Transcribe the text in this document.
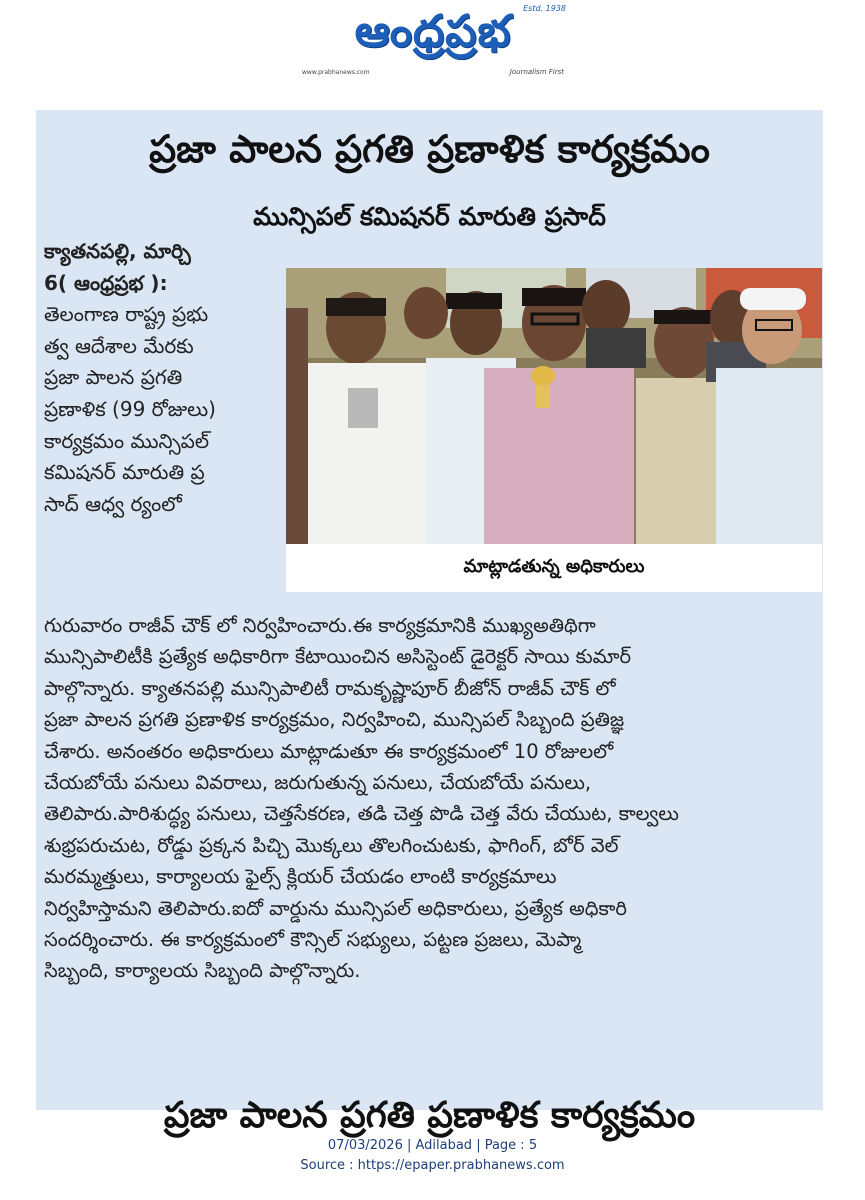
ఆంధ్రప్రభ	Estd. 1938
www.prabhanews.com	Journalism First
ప్రజా పాలన ప్రగతి ప్రణాళిక కార్యక్రమం
మున్సిపల్ కమిషనర్ మారుతి ప్రసాద్
క్యాతనపల్లి, మార్చి
6( ఆంధ్రప్రభ ):
తెలంగాణ రాష్ట్ర ప్రభు
త్వ ఆదేశాల మేరకు
ప్రజా పాలన ప్రగతి
ప్రణాళిక (99 రోజులు)
కార్యక్రమం మున్సిపల్
కమిషనర్ మారుతి ప్ర
సాద్ ఆధ్వ ర్యంలో
మాట్లాడతున్న అధికారులు
గురువారం రాజీవ్ చౌక్ లో నిర్వహించారు.ఈ కార్యక్రమానికి ముఖ్యఅతిథిగా
మున్సిపాలిటీకి ప్రత్యేక అధికారిగా కేటాయించిన అసిస్టెంట్ డైరెక్టర్ సాయి కుమార్
పాల్గొన్నారు. క్యాతనపల్లి మున్సిపాలిటీ రామకృష్ణాపూర్ బీజోన్ రాజీవ్ చౌక్ లో
ప్రజా పాలన ప్రగతి ప్రణాళిక కార్యక్రమం, నిర్వహించి, మున్సిపల్ సిబ్బంది ప్రతిజ్ఞ
చేశారు. అనంతరం అధికారులు మాట్లాడుతూ ఈ కార్యక్రమంలో 10 రోజులలో
చేయబోయే పనులు వివరాలు, జరుగుతున్న పనులు, చేయబోయే పనులు,
తెలిపారు.పారిశుద్ధ్య పనులు, చెత్తసేకరణ, తడి చెత్త పొడి చెత్త వేరు చేయుట, కాల్వలు
శుభ్రపరుచుట, రోడ్డు ప్రక్కన పిచ్చి మొక్కలు తొలగించుటకు, ఫాగింగ్, బోర్ వెల్
మరమ్మత్తులు, కార్యాలయ ఫైల్స్ క్లియర్ చేయడం లాంటి కార్యక్రమాలు
నిర్వహిస్తామని తెలిపారు.ఐదో వార్డును మున్సిపల్ అధికారులు, ప్రత్యేక అధికారి
సందర్శించారు. ఈ కార్యక్రమంలో కౌన్సిల్ సభ్యులు, పట్టణ ప్రజలు, మెప్మా
సిబ్బంది, కార్యాలయ సిబ్బంది పాల్గొన్నారు.
ప్రజా పాలన ప్రగతి ప్రణాళిక కార్యక్రమం
07/03/2026 | Adilabad | Page : 5
Source : https://epaper.prabhanews.com
